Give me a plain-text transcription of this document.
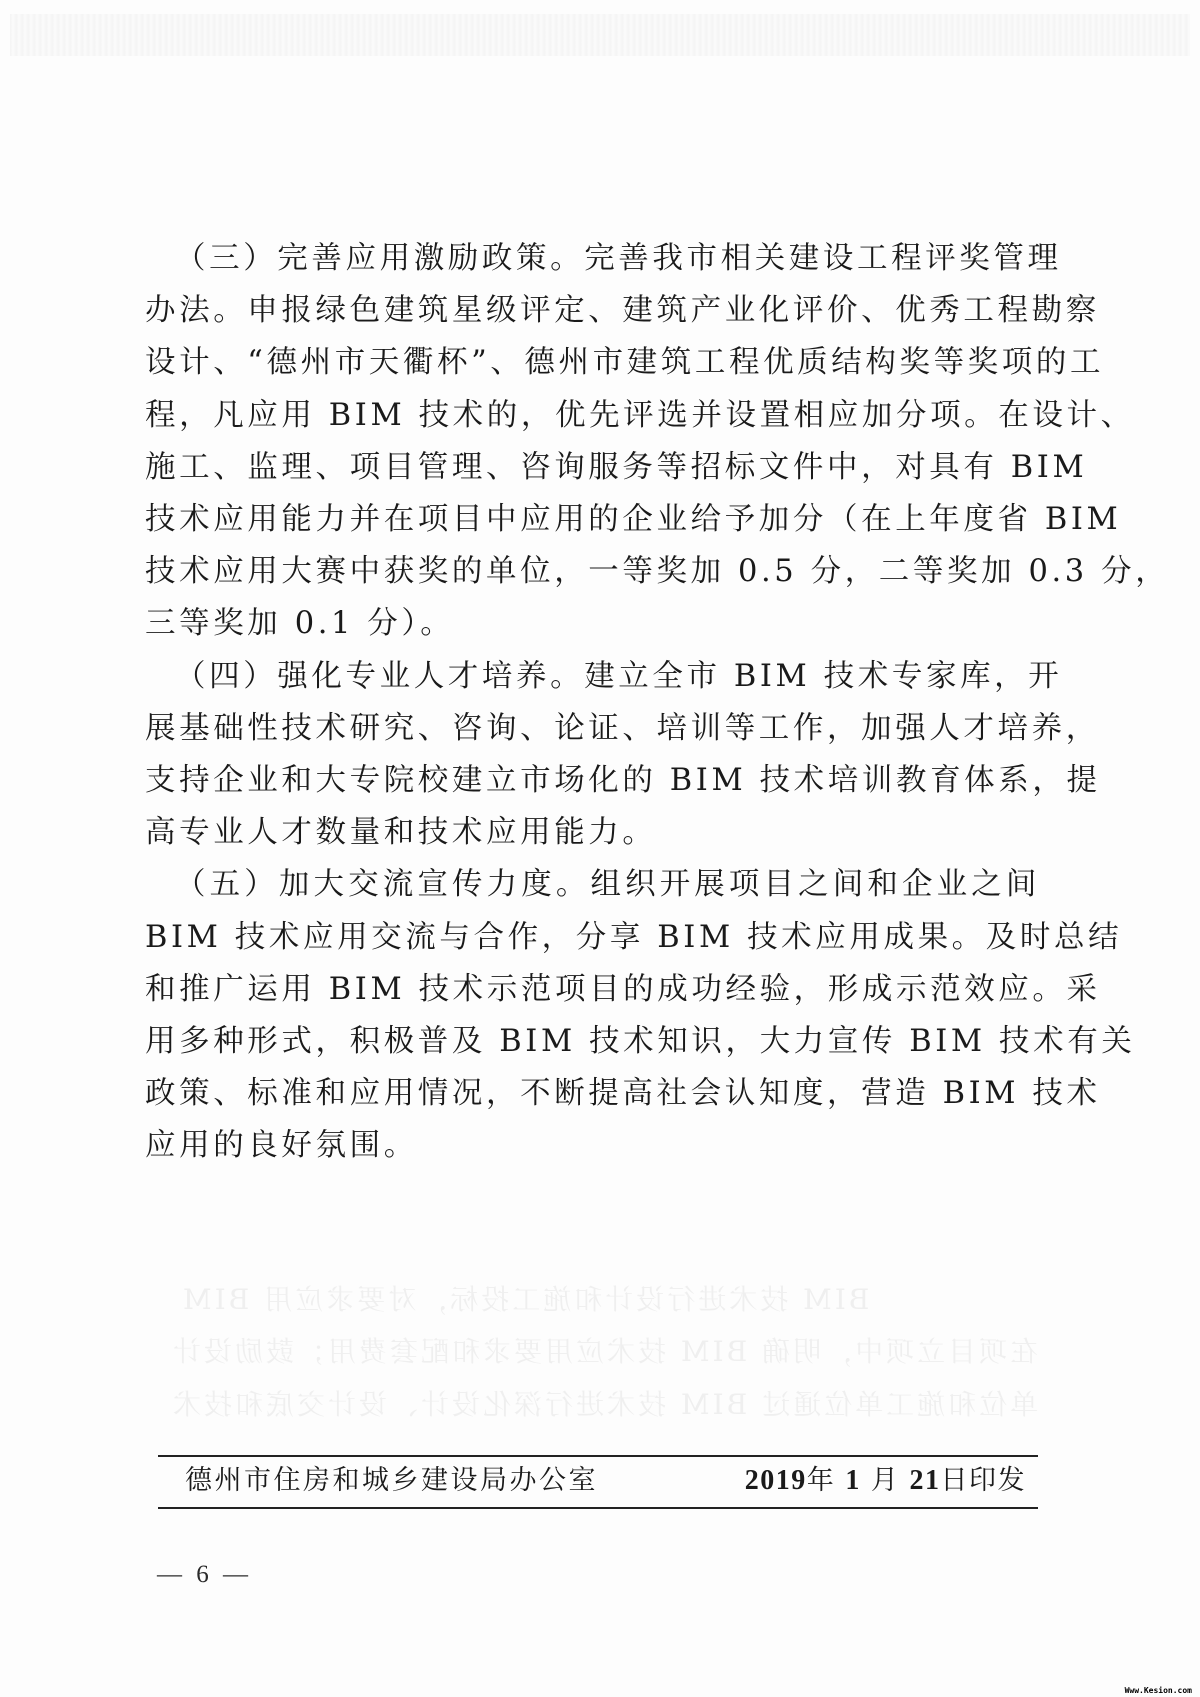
在项目立项中，明确 BIM 技术应用要求和配套费用；鼓励设计
单位和施工单位通过 BIM 技术进行深化设计、设计交底和技术
BIM 技术进行设计和施工投标，对要求应用 BIM

（三）完善应用激励政策。完善我市相关建设工程评奖管理
办法。申报绿色建筑星级评定、建筑产业化评价、优秀工程勘察
设计、“德州市天衢杯”、德州市建筑工程优质结构奖等奖项的工
程，凡应用 BIM 技术的，优先评选并设置相应加分项。在设计、
施工、监理、项目管理、咨询服务等招标文件中，对具有 BIM
技术应用能力并在项目中应用的企业给予加分（在上年度省 BIM
技术应用大赛中获奖的单位，一等奖加 0.5 分，二等奖加 0.3 分，
三等奖加 0.1 分）。

（四）强化专业人才培养。建立全市 BIM 技术专家库，开
展基础性技术研究、咨询、论证、培训等工作，加强人才培养，
支持企业和大专院校建立市场化的 BIM 技术培训教育体系，提
高专业人才数量和技术应用能力。

（五）加大交流宣传力度。组织开展项目之间和企业之间
BIM 技术应用交流与合作，分享 BIM 技术应用成果。及时总结
和推广运用 BIM 技术示范项目的成功经验，形成示范效应。采
用多种形式，积极普及 BIM 技术知识，大力宣传 BIM 技术有关
政策、标准和应用情况，不断提高社会认知度，营造 BIM 技术
应用的良好氛围。

德州市住房和城乡建设局办公室	2019年 1 月 21日印发
— 6 —
Www.Kesion.com
